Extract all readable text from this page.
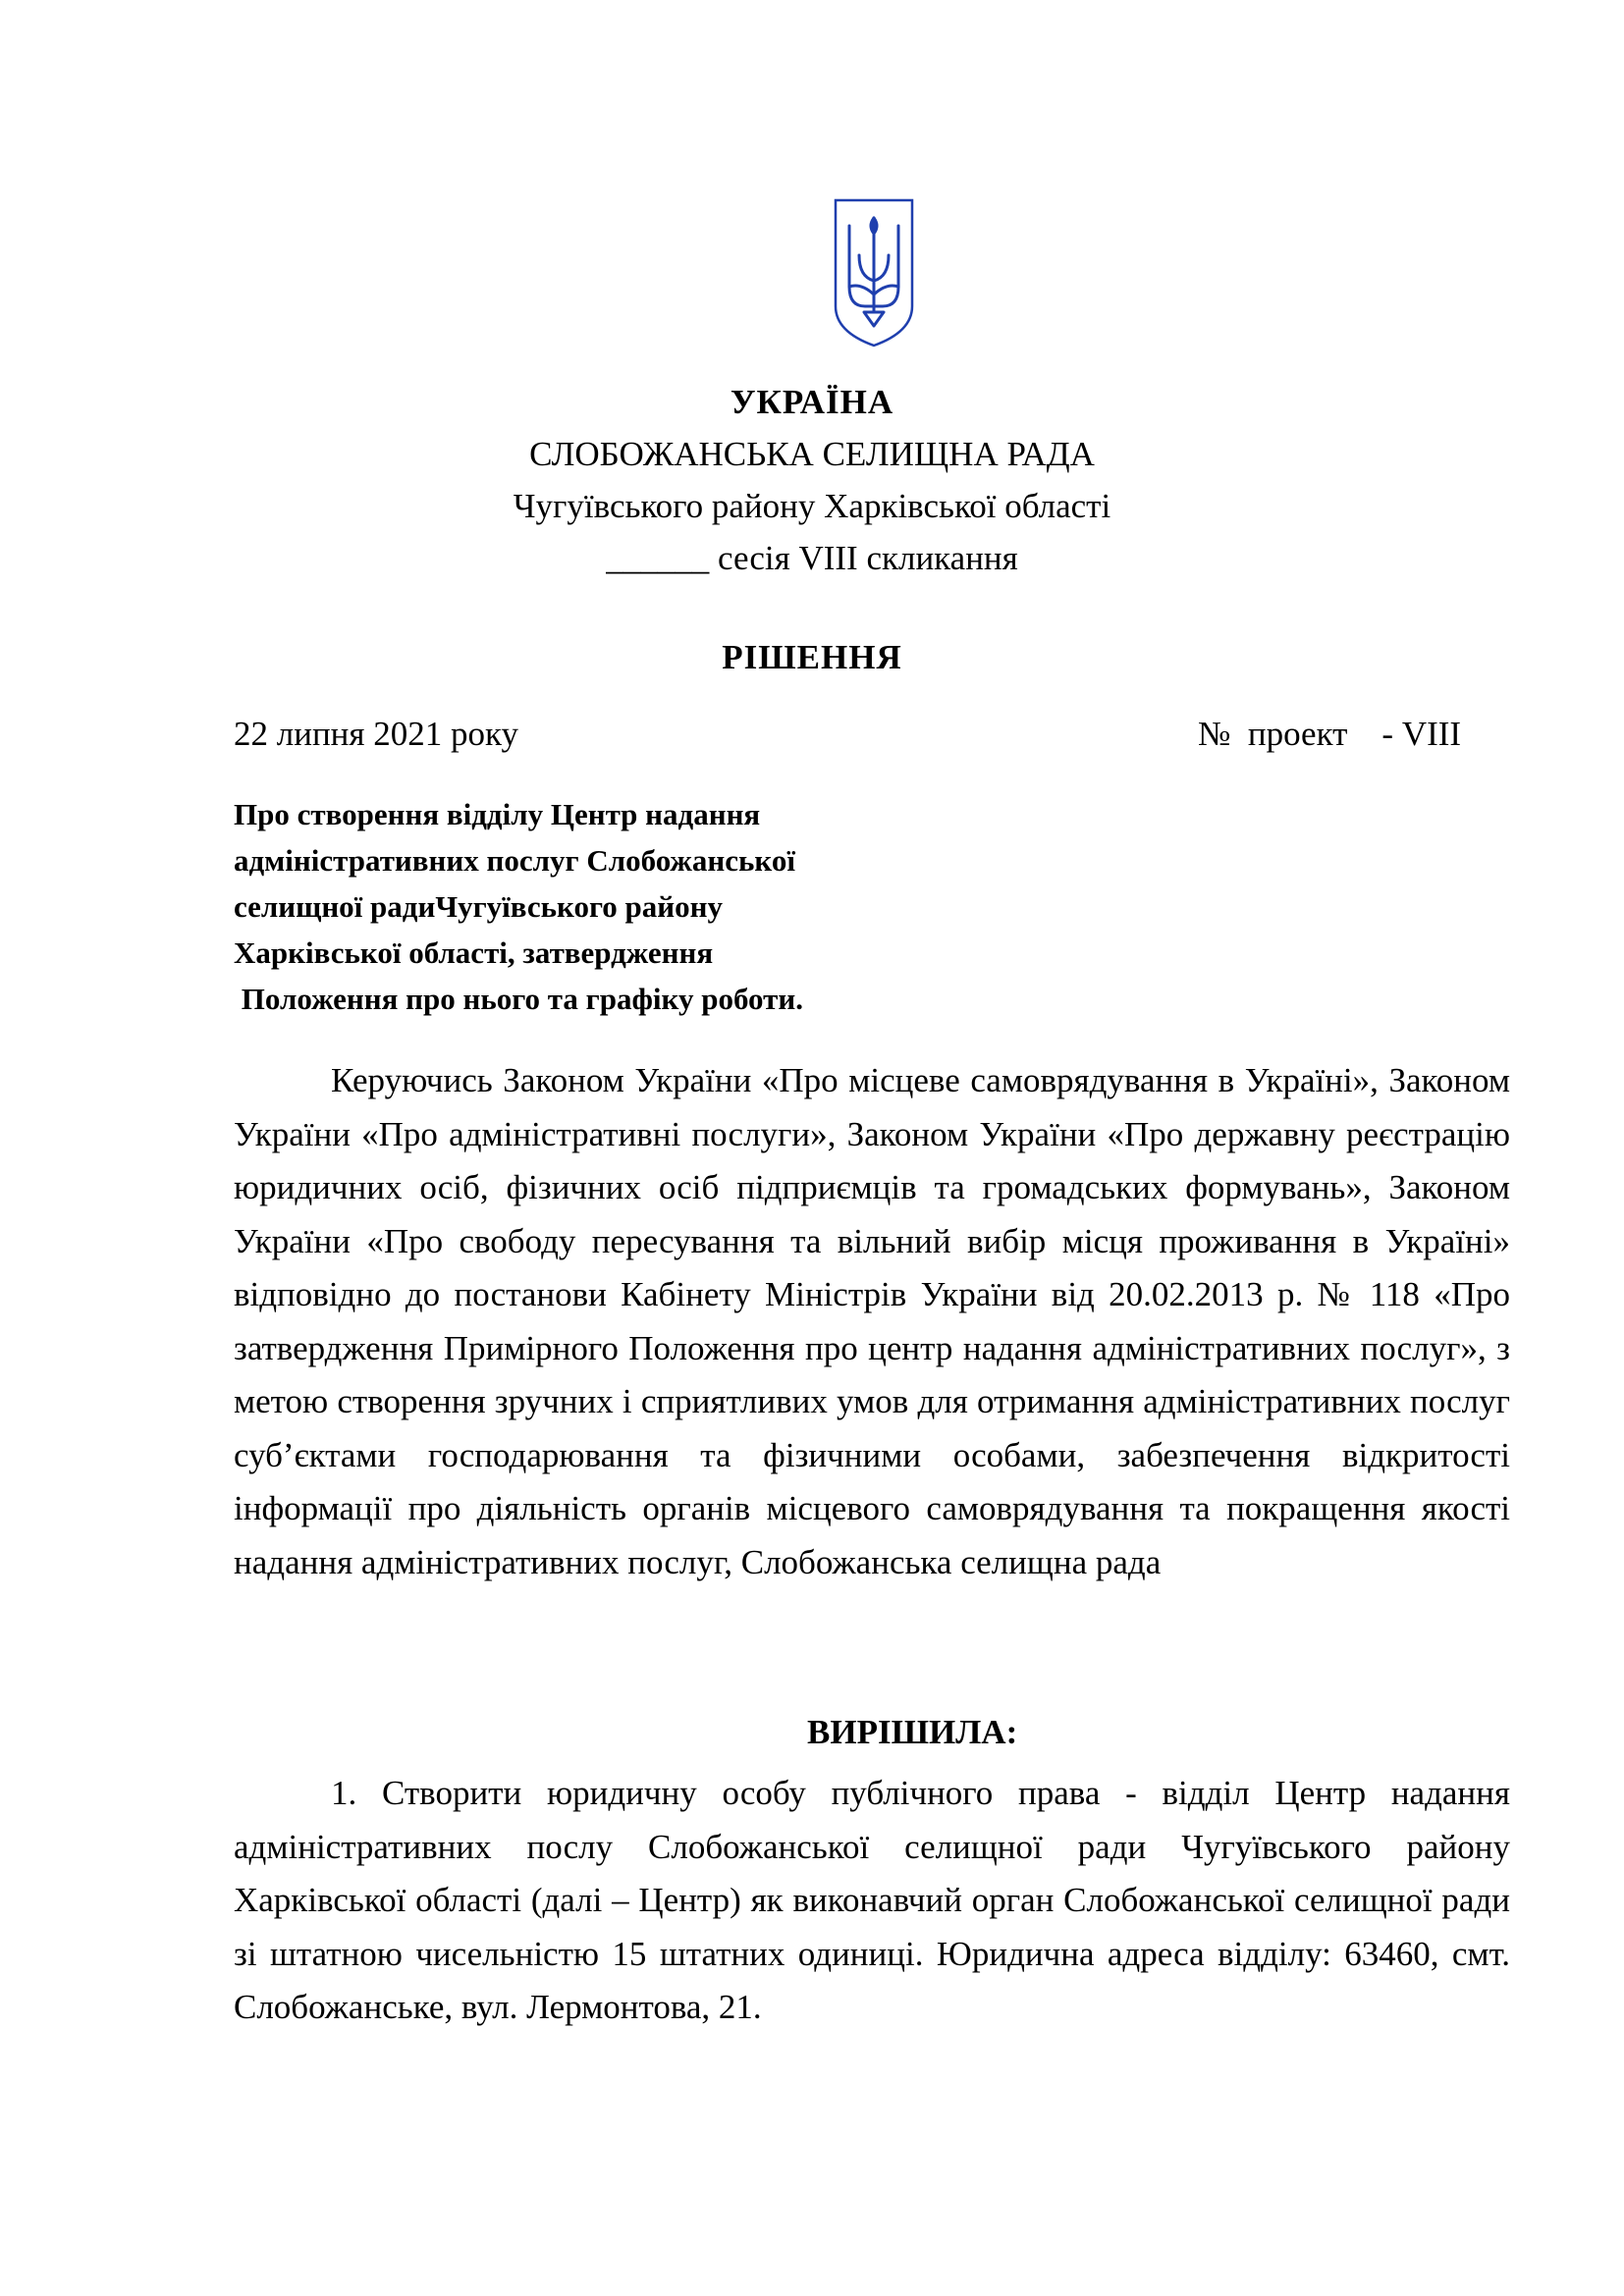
УКРАЇНА
СЛОБОЖАНСЬКА СЕЛИЩНА РАДА
Чугуївського району Харківської області
______ сесія VIII скликання
РІШЕННЯ
22 липня 2021 року	№  проект    - VIII
Про створення відділу Центр надання
адміністративних послуг Слобожанської
селищної радиЧугуївського району
Харківської області, затвердження
Положення про нього та графіку роботи.
Керуючись Законом України «Про місцеве самоврядування в Україні», Законом України «Про адміністративні послуги», Законом України «Про державну реєстрацію юридичних осіб, фізичних осіб підприємців та громадських формувань», Законом України «Про свободу пересування та вільний вибір місця проживання в Україні» відповідно до постанови Кабінету Міністрів України від 20.02.2013 р. № 118 «Про затвердження Примірного Положення про центр надання адміністративних послуг», з метою створення зручних і сприятливих умов для отримання адміністративних послуг суб’єктами господарювання та фізичними особами, забезпечення відкритості інформації про діяльність органів місцевого самоврядування та покращення якості надання адміністративних послуг, Слобожанська селищна рада
ВИРІШИЛА:
1. Створити юридичну особу публічного права - відділ Центр надання адміністративних послу Слобожанської селищної ради Чугуївського району Харківської області (далі – Центр) як виконавчий орган Слобожанської селищної ради зі штатною чисельністю 15 штатних одиниці. Юридична адреса відділу: 63460, смт. Слобожанське, вул. Лермонтова, 21.
